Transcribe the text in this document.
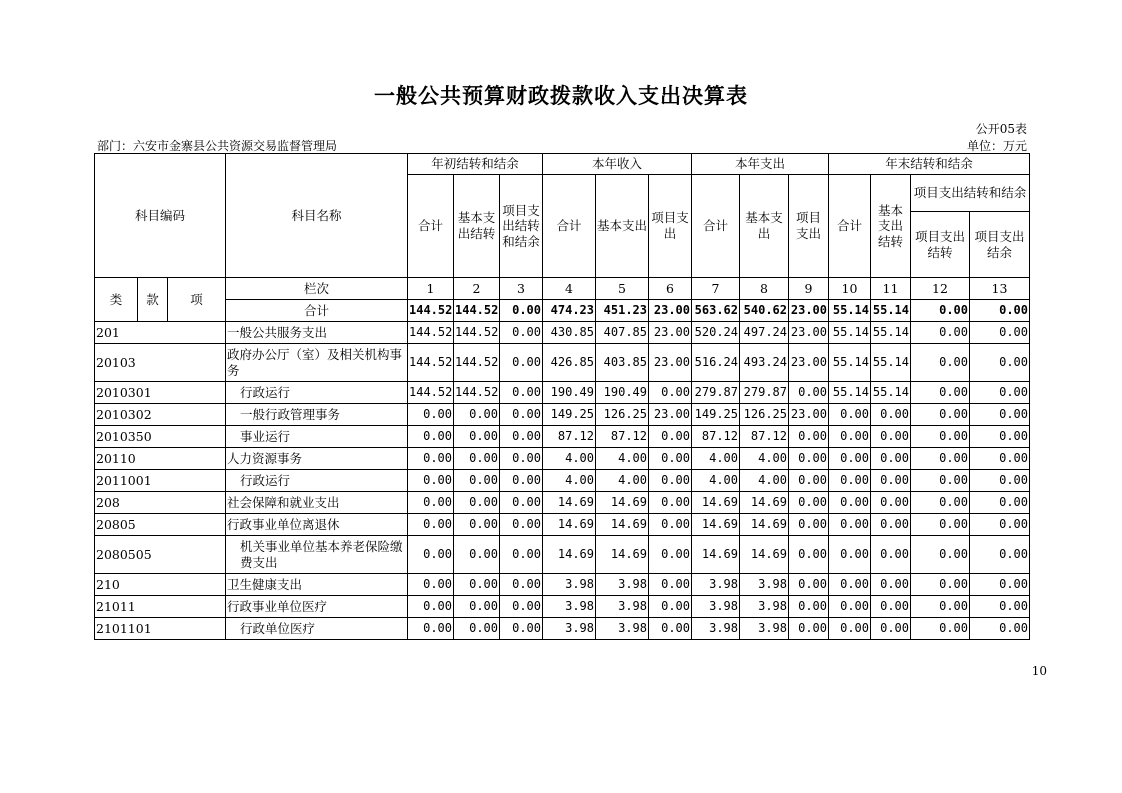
一般公共预算财政拨款收入支出决算表
公开05表
部门：六安市金寨县公共资源交易监督管理局	单位：万元
科目编码			科目名称	年初结转和结余			本年收入			本年支出			年末结转和结余			
				合计	基本支出结转	项目支出结转和结余	合计	基本支出	项目支出	合计	基本支出	项目支出	合计	基本支出结转	项目支出结转和结余	
															项目支出结转	项目支出结余
类	款	项	栏次	1	2	3	4	5	6	7	8	9	10	11	12	13
			合计	144.52	144.52	0.00	474.23	451.23	23.00	563.62	540.62	23.00	55.14	55.14	0.00	0.00
201			一般公共服务支出	144.52	144.52	0.00	430.85	407.85	23.00	520.24	497.24	23.00	55.14	55.14	0.00	0.00
20103			政府办公厅（室）及相关机构事务	144.52	144.52	0.00	426.85	403.85	23.00	516.24	493.24	23.00	55.14	55.14	0.00	0.00
2010301			行政运行	144.52	144.52	0.00	190.49	190.49	0.00	279.87	279.87	0.00	55.14	55.14	0.00	0.00
2010302			一般行政管理事务	0.00	0.00	0.00	149.25	126.25	23.00	149.25	126.25	23.00	0.00	0.00	0.00	0.00
2010350			事业运行	0.00	0.00	0.00	87.12	87.12	0.00	87.12	87.12	0.00	0.00	0.00	0.00	0.00
20110			人力资源事务	0.00	0.00	0.00	4.00	4.00	0.00	4.00	4.00	0.00	0.00	0.00	0.00	0.00
2011001			行政运行	0.00	0.00	0.00	4.00	4.00	0.00	4.00	4.00	0.00	0.00	0.00	0.00	0.00
208			社会保障和就业支出	0.00	0.00	0.00	14.69	14.69	0.00	14.69	14.69	0.00	0.00	0.00	0.00	0.00
20805			行政事业单位离退休	0.00	0.00	0.00	14.69	14.69	0.00	14.69	14.69	0.00	0.00	0.00	0.00	0.00
2080505			机关事业单位基本养老保险缴费支出	0.00	0.00	0.00	14.69	14.69	0.00	14.69	14.69	0.00	0.00	0.00	0.00	0.00
210			卫生健康支出	0.00	0.00	0.00	3.98	3.98	0.00	3.98	3.98	0.00	0.00	0.00	0.00	0.00
21011			行政事业单位医疗	0.00	0.00	0.00	3.98	3.98	0.00	3.98	3.98	0.00	0.00	0.00	0.00	0.00
2101101			行政单位医疗	0.00	0.00	0.00	3.98	3.98	0.00	3.98	3.98	0.00	0.00	0.00	0.00	0.00
10
